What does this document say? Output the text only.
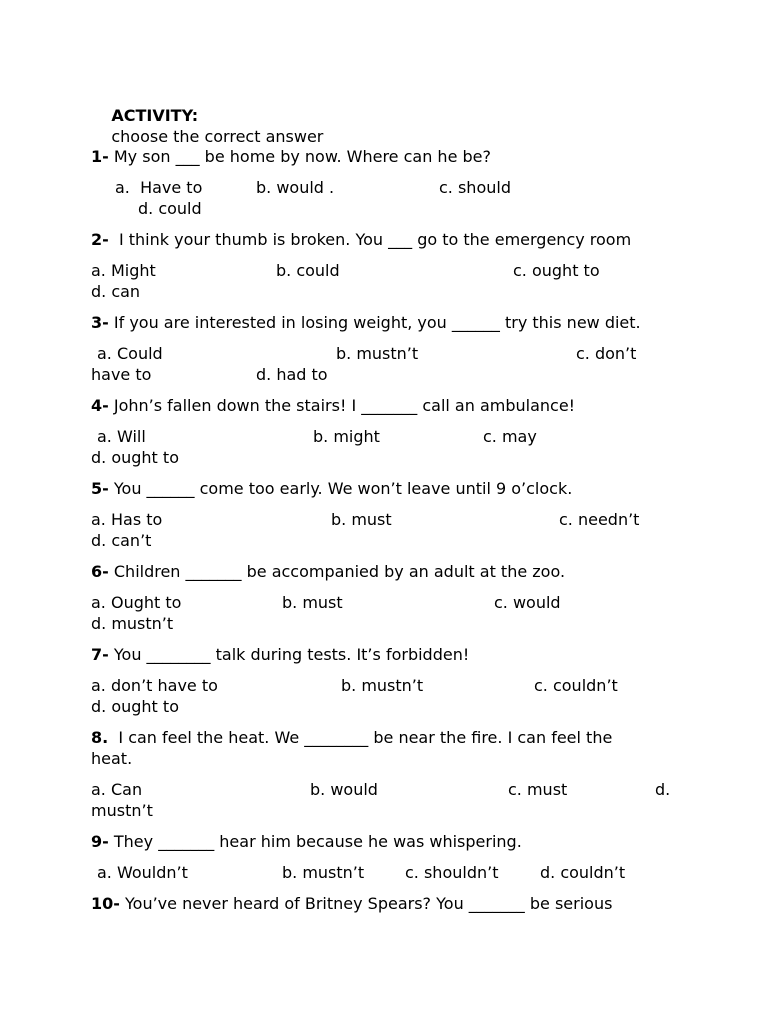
ACTIVITY:
choose the correct answer

1- My son ___ be home by now. Where can he be?
a.  Have to	b. would .	c. should
d. could
2-  I think your thumb is broken. You ___ go to the emergency room
a. Might	b. could	c. ought to
d. can
3- If you are interested in losing weight, you ______ try this new diet.
a. Could	b. mustn’t	c. don’t
have to	d. had to
4- John’s fallen down the stairs! I _______ call an ambulance!
a. Will	b. might	c. may
d. ought to
5- You ______ come too early. We won’t leave until 9 o’clock.
a. Has to	b. must	c. needn’t
d. can’t
6- Children _______ be accompanied by an adult at the zoo.
a. Ought to	b. must	c. would
d. mustn’t
7- You ________ talk during tests. It’s forbidden!
a. don’t have to	b. mustn’t	c. couldn’t
d. ought to
8.  I can feel the heat. We ________ be near the fire. I can feel the
heat.
a. Can	b. would	c. must	d.
mustn’t
9- They _______ hear him because he was whispering.
a. Wouldn’t	b. mustn’t	c. shouldn’t	d. couldn’t
10- You’ve never heard of Britney Spears? You _______ be serious
